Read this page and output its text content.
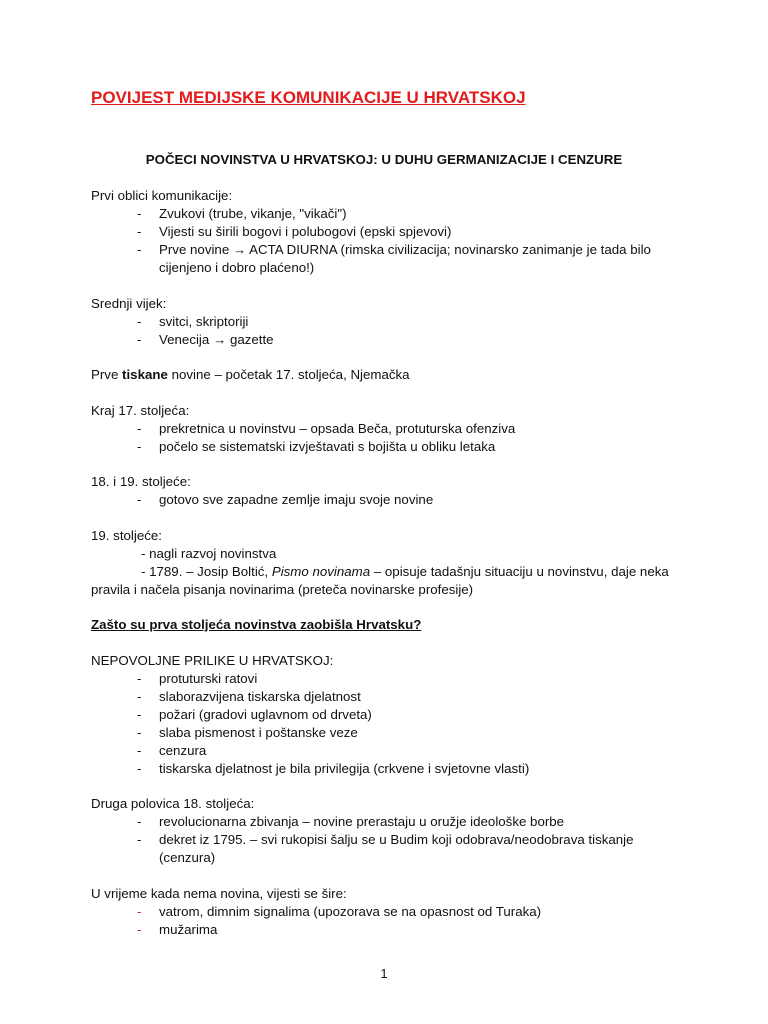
POVIJEST MEDIJSKE KOMUNIKACIJE U HRVATSKOJ
POČECI NOVINSTVA U HRVATSKOJ: U DUHU GERMANIZACIJE I CENZURE
Prvi oblici komunikacije:
- Zvukovi (trube, vikanje, "vikači")
- Vijesti su širili bogovi i polubogovi (epski spjevovi)
- Prve novine → ACTA DIURNA (rimska civilizacija; novinarsko zanimanje je tada bilo cijenjeno i dobro plaćeno!)
Srednji vijek:
- svitci, skriptoriji
- Venecija → gazette
Prve tiskane novine – početak 17. stoljeća, Njemačka
Kraj 17. stoljeća:
- prekretnica u novinstvu – opsada Beča, protuturska ofenziva
- počelo se sistematski izvještavati s bojišta u obliku letaka
18. i 19. stoljeće:
- gotovo sve zapadne zemlje imaju svoje novine
19. stoljeće:
- nagli razvoj novinstva
- 1789. – Josip Boltić, Pismo novinama – opisuje tadašnju situaciju u novinstvu, daje neka pravila i načela pisanja novinarima (preteča novinarske profesije)
Zašto su prva stoljeća novinstva zaobišla Hrvatsku?
NEPOVOLJNE PRILIKE U HRVATSKOJ:
- protuturski ratovi
- slaborazvijena tiskarska djelatnost
- požari (gradovi uglavnom od drveta)
- slaba pismenost i poštanske veze
- cenzura
- tiskarska djelatnost je bila privilegija (crkvene i svjetovne vlasti)
Druga polovica 18. stoljeća:
- revolucionarna zbivanja – novine prerastaju u oružje ideološke borbe
- dekret iz 1795. – svi rukopisi šalju se u Budim koji odobrava/neodobrava tiskanje (cenzura)
U vrijeme kada nema novina, vijesti se šire:
- vatrom, dimnim signalima (upozorava se na opasnost od Turaka)
- mužarima
1
